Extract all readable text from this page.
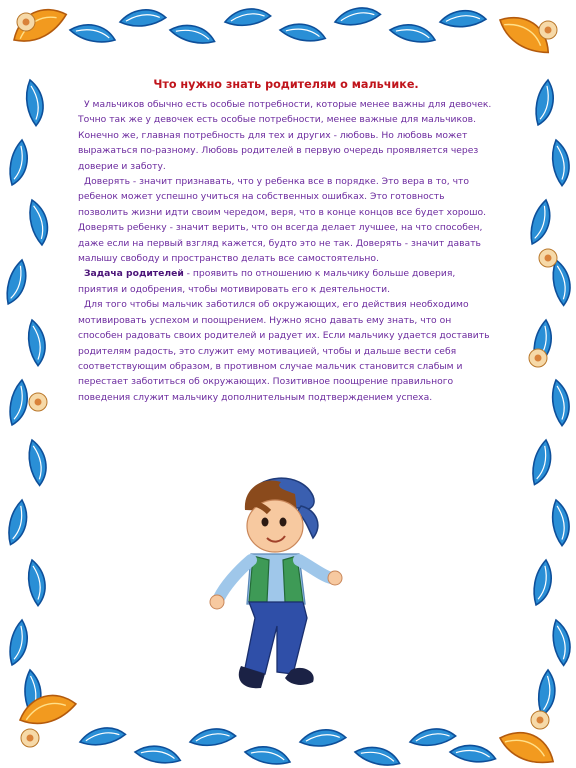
Что нужно знать родителям о мальчике.

У мальчиков обычно есть особые потребности, которые менее важны для девочек. Точно так же у девочек есть особые потребности, менее важные для мальчиков. Конечно же, главная потребность для тех и других - любовь. Но любовь может выражаться по-разному. Любовь родителей в первую очередь проявляется через доверие и заботу.

Доверять - значит признавать, что у ребенка все в порядке. Это вера в то, что ребенок может успешно учиться на собственных ошибках. Это готовность позволить жизни идти своим чередом, веря, что в конце концов все будет хорошо. Доверять ребенку - значит верить, что он всегда делает лучшее, на что способен, даже если на первый взгляд кажется, будто это не так. Доверять - значит давать малышу свободу и пространство делать все самостоятельно.

Задача родителей - проявить по отношению к мальчику больше доверия, приятия и одобрения, чтобы мотивировать его к деятельности.

Для того чтобы мальчик заботился об окружающих, его действия необходимо мотивировать успехом и поощрением. Нужно ясно давать ему знать, что он способен радовать своих родителей и радует их. Если мальчику удается доставить родителям радость, это служит ему мотивацией, чтобы и дальше вести себя соответствующим образом, в противном случае мальчик становится слабым и перестает заботиться об окружающих. Позитивное поощрение правильного поведения служит мальчику дополнительным подтверждением успеха.
